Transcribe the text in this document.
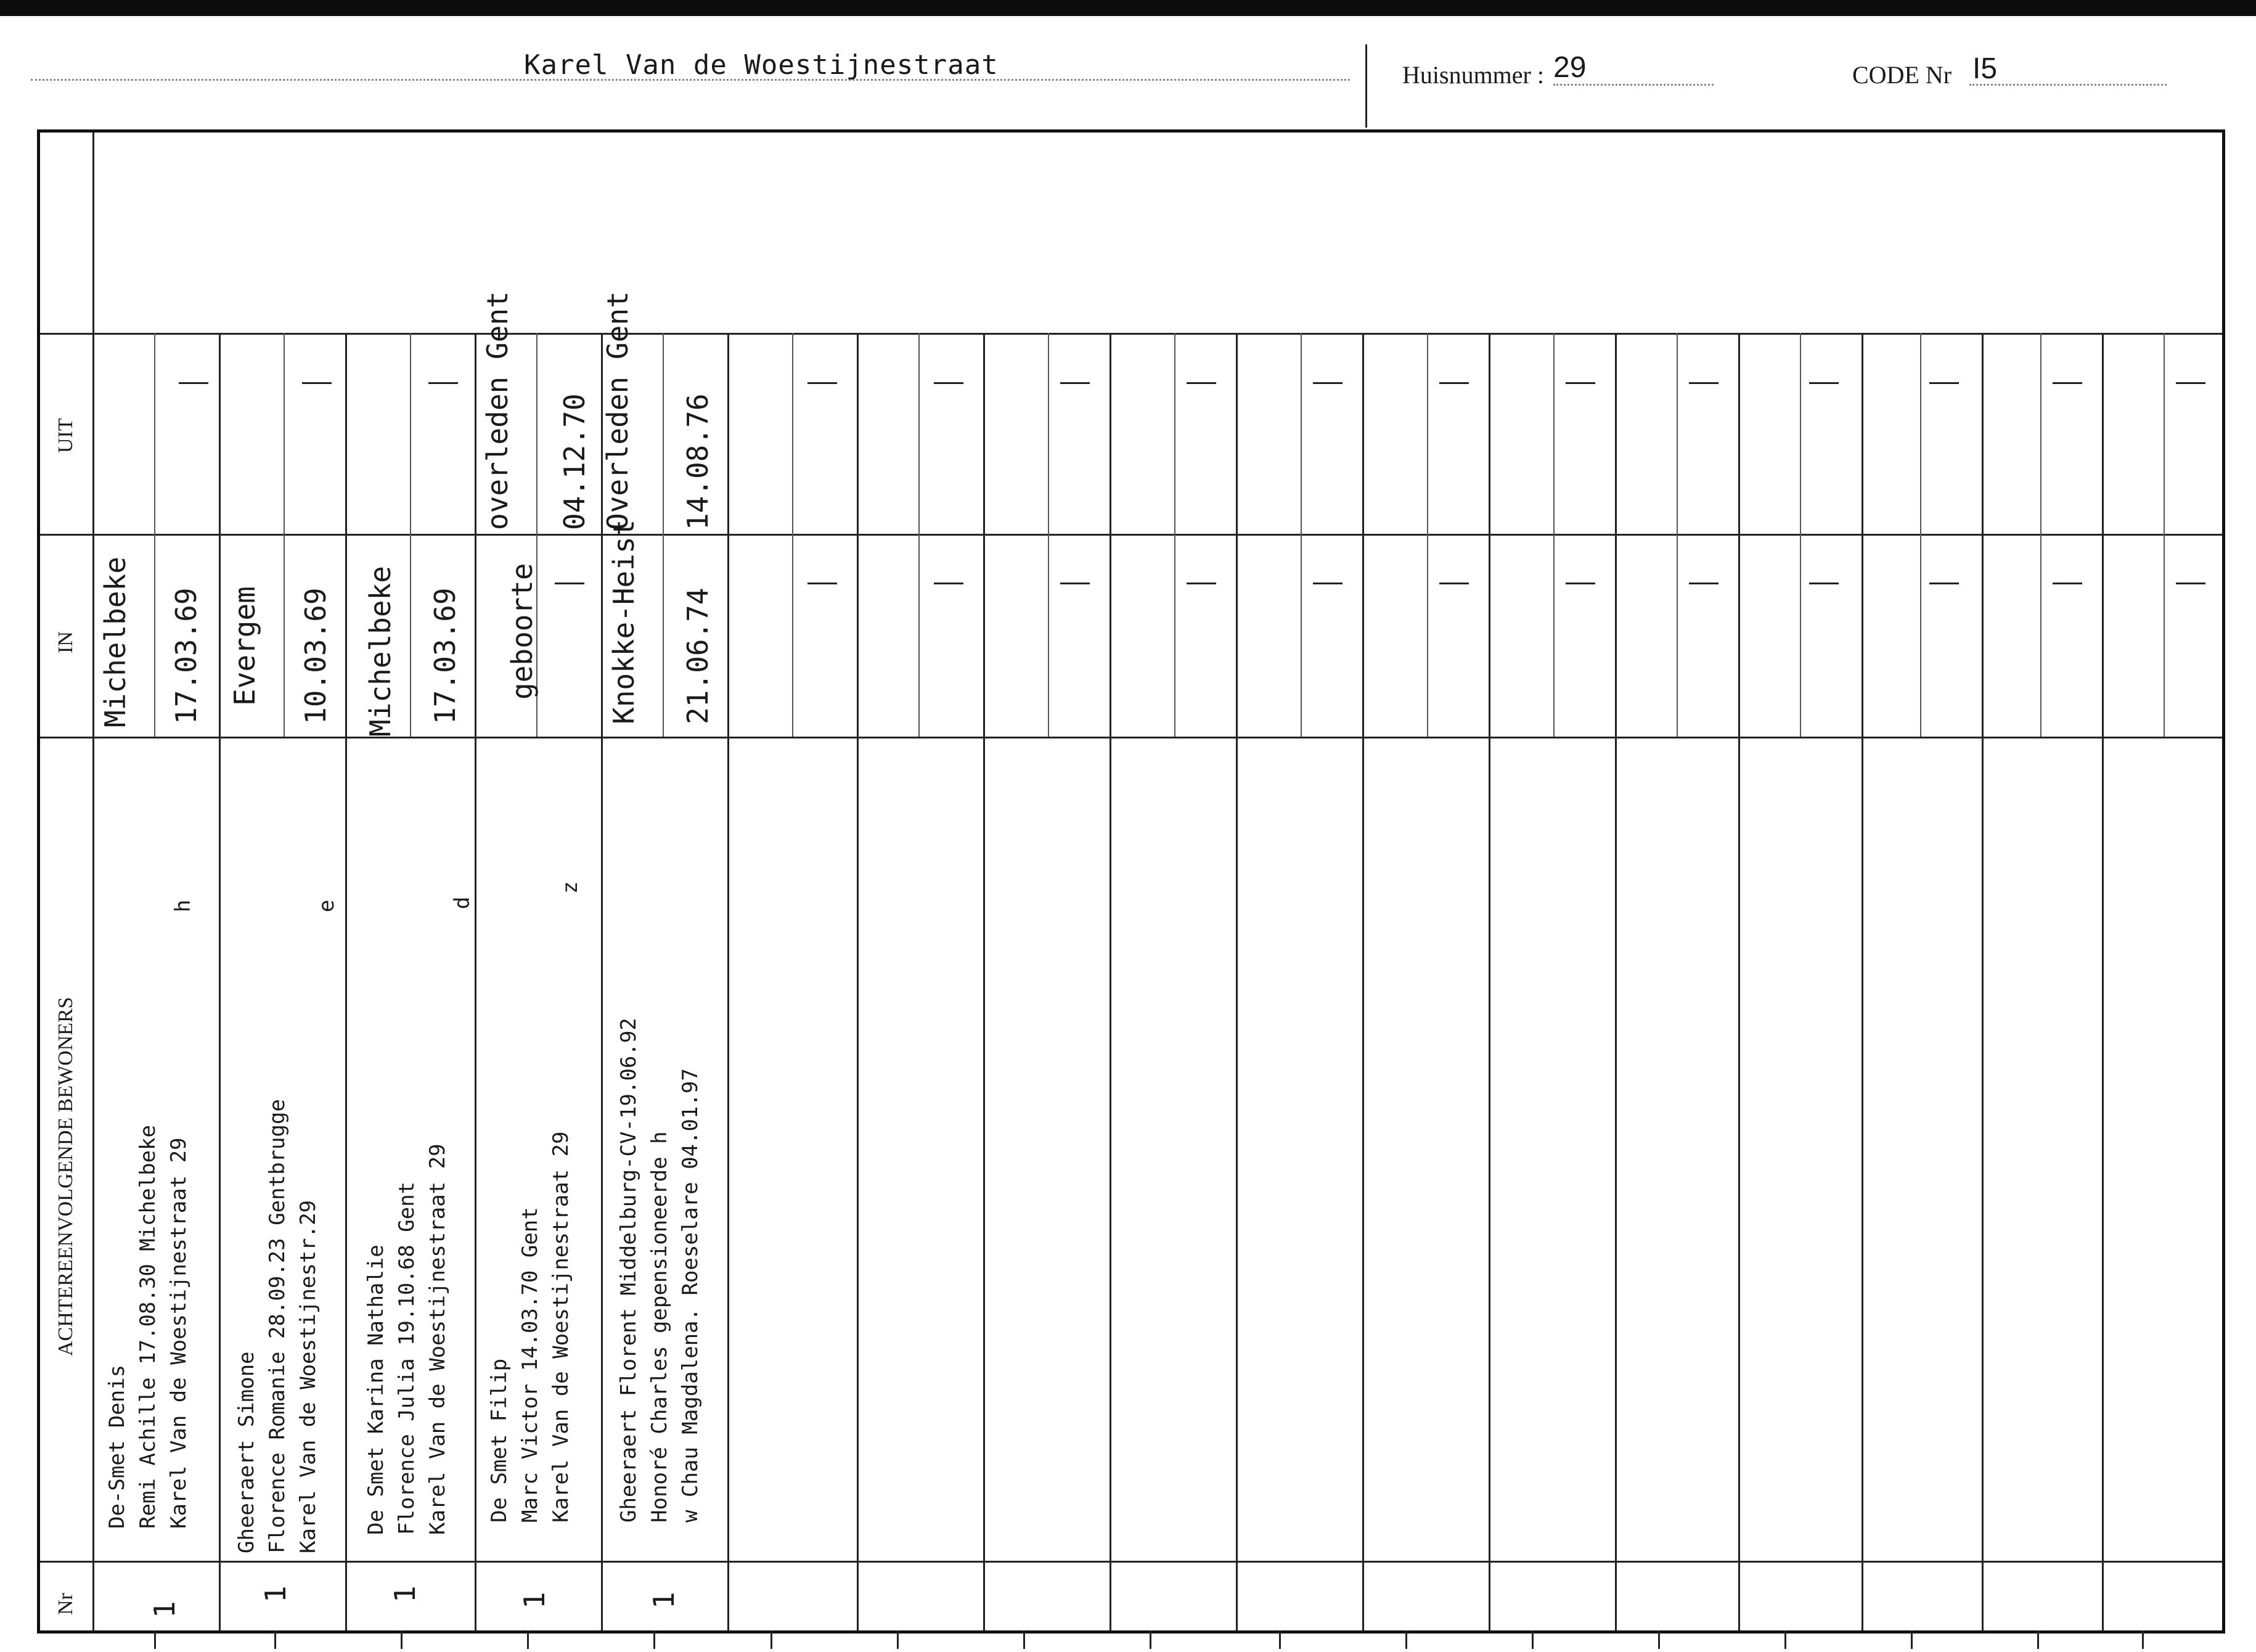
Karel Van de Woestijnestraat	Huisnummer : 29	CODE Nr I5
Nr
ACHTEREENVOLGENDE BEWONERS
IN
UIT
De-Smet Denis Remi Achille 17.08.30 Michelbeke Karel Van de Woestijnestraat 29
h
1
Michelbeke 17.03.69
Gheeraert Simone Florence Romanie 28.09.23 Gentbrugge Karel Van de Woestijnestr.29
e
1
Evergem 10.03.69
De Smet Karina Nathalie Florence Julia 19.10.68 Gent Karel Van de Woestijnestraat 29
d
1
Michelbeke 17.03.69
De Smet Filip Marc Victor 14.03.70 Gent Karel Van de Woestijnestraat 29
z
1
geboorte
overleden Gent 04.12.70
Gheeraert Florent Middelburg-CV-19.06.92 Honoré Charles gepensioneerde h w Chau Magdalena. Roeselare 04.01.97
1
Knokke-Heist 21.06.74
Overleden Gent 14.08.76
